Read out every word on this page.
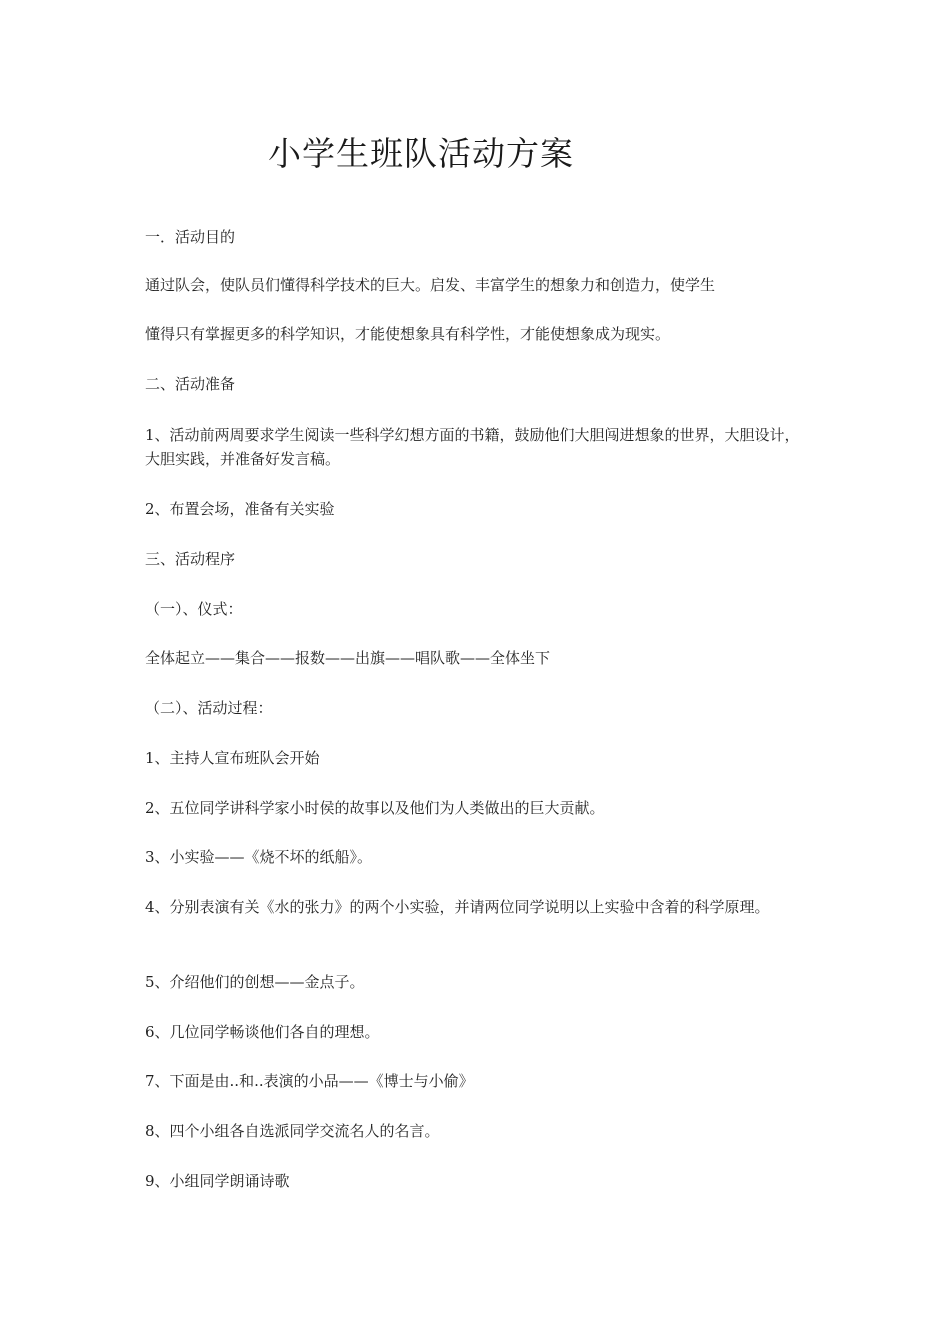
小学生班队活动方案

一．活动目的

通过队会，使队员们懂得科学技术的巨大。启发、丰富学生的想象力和创造力，使学生

懂得只有掌握更多的科学知识，才能使想象具有科学性，才能使想象成为现实。

二、活动准备

1、活动前两周要求学生阅读一些科学幻想方面的书籍，鼓励他们大胆闯进想象的世界，大胆设计，大胆实践，并准备好发言稿。

2、布置会场，准备有关实验

三、活动程序

（一）、仪式：

全体起立——集合——报数——出旗——唱队歌——全体坐下

（二）、活动过程：

1、主持人宣布班队会开始

2、五位同学讲科学家小时侯的故事以及他们为人类做出的巨大贡献。

3、小实验——《烧不坏的纸船》。

4、分别表演有关《水的张力》的两个小实验，并请两位同学说明以上实验中含着的科学原理。

5、介绍他们的创想——金点子。

6、几位同学畅谈他们各自的理想。

7、下面是由..和..表演的小品——《博士与小偷》

8、四个小组各自选派同学交流名人的名言。

9、小组同学朗诵诗歌
